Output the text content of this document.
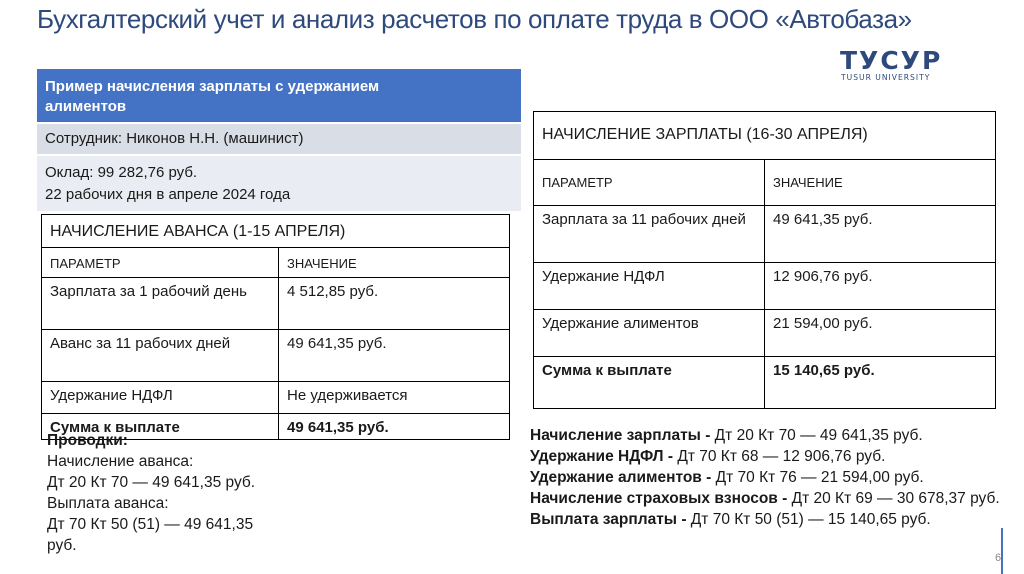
Бухгалтерский учет и анализ расчетов по оплате труда в ООО «Автобаза»
ТУСУР
TUSUR UNIVERSITY
Пример начисления зарплаты с удержанием
алиментов
Сотрудник: Никонов Н.Н. (машинист)
Оклад: 99 282,76 руб.
22 рабочих дня в апреле 2024 года
НАЧИСЛЕНИЕ АВАНСА (1-15 АПРЕЛЯ)	
ПАРАМЕТР	ЗНАЧЕНИЕ
Зарплата за 1 рабочий день	4 512,85 руб.
Аванс за 11 рабочих дней	49 641,35 руб.
Удержание НДФЛ	Не удерживается
Сумма к выплате	49 641,35 руб.
НАЧИСЛЕНИЕ ЗАРПЛАТЫ (16-30 АПРЕЛЯ)	
ПАРАМЕТР	ЗНАЧЕНИЕ
Зарплата за 11 рабочих дней	49 641,35 руб.
Удержание НДФЛ	12 906,76 руб.
Удержание алиментов	21 594,00 руб.
Сумма к выплате	15 140,65 руб.
Проводки:
Начисление аванса:
Дт 20 Кт 70 — 49 641,35 руб.
Выплата аванса:
Дт 70 Кт 50 (51) — 49 641,35
руб.
Начисление зарплаты - Дт 20 Кт 70 — 49 641,35 руб.
Удержание НДФЛ - Дт 70 Кт 68 — 12 906,76 руб.
Удержание алиментов - Дт 70 Кт 76 — 21 594,00 руб.
Начисление страховых взносов - Дт 20 Кт 69 — 30 678,37 руб.
Выплата зарплаты - Дт 70 Кт 50 (51) — 15 140,65 руб.
6
